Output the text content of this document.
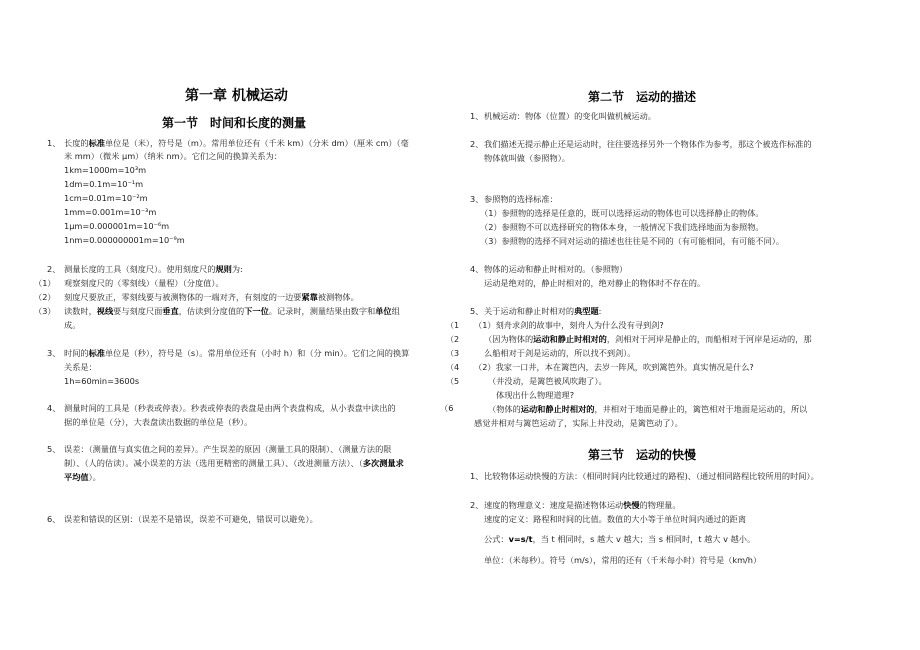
第一章 机械运动
第一节　时间和长度的测量
1、 长度的标准单位是（米），符号是（m）。常用单位还有（千米 km）（分米 dm）（厘米 cm）（毫
米 mm）（微米 μm）（纳米 nm）。它们之间的换算关系为：
1km=1000m=10³m
1dm=0.1m=10⁻¹m
1cm=0.01m=10⁻²m
1mm=0.001m=10⁻³m
1μm=0.000001m=10⁻⁶m
1nm=0.000000001m=10⁻⁹m
2、 测量长度的工具（刻度尺）。使用刻度尺的规则为:
（1） 观察刻度尺的（零刻线）（量程）（分度值）。
（2） 刻度尺要放正，零刻线要与被测物体的一端对齐，有刻度的一边要紧靠被测物体。
（3） 读数时，视线要与刻度尺面垂直，估读到分度值的下一位。记录时，测量结果由数字和单位组
成。	（1
（2
（3
（4
（5
3、 时间的标准单位是（秒），符号是（s）。常用单位还有（小时 h）和（分 min）。它们之间的换算
关系是：
1h=60min=3600s
4、 测量时间的工具是（秒表或停表）。秒表或停表的表盘是由两个表盘构成，从小表盘中读出的	（6
据的单位是（分），大表盘读出数据的单位是（秒）。
5、 误差：（测量值与真实值之间的差异）。产生误差的原因（测量工具的限制）、（测量方法的限
制）、（人的估读）。减小误差的方法（选用更精密的测量工具）、（改进测量方法）、（多次测量求
平均值）。
6、 误差和错误的区别：（误差不是错误，误差不可避免，错误可以避免）。
第二节　运动的描述
1、 机械运动：物体（位置）的变化叫做机械运动。
2、 我们描述无提示静止还是运动时，往往要选择另外一个物体作为参考，那这个被选作标准的
物体就叫做（参照物）。
3、 参照物的选择标准：
（1）参照物的选择是任意的，既可以选择运动的物体也可以选择静止的物体。
（2）参照物不可以选择研究的物体本身，一般情况下我们选择地面为参照物。
（3）参照物的选择不同对运动的描述也往往是不同的（有可能相同，有可能不同）。
4、 物体的运动和静止时相对的。（参照物）
运动是绝对的，静止时相对的，绝对静止的物体时不存在的。
5、 关于运动和静止时相对的典型题:
（1）刻舟求剑的故事中，刻舟人为什么没有寻到剑?
（因为物体的运动和静止时相对的，剑相对于河岸是静止的，而船相对于河岸是运动的，那
么船相对于剑是运动的，所以找不到剑）。
（2）我家一口井，本在篱笆内，去岁一阵风，吹到篱笆外。真实情况是什么?
（井没动，是篱笆被风吹跑了）。
体现出什么物理道理?
（物体的运动和静止时相对的，井相对于地面是静止的，篱笆相对于地面是运动的，所以
感觉井相对与篱笆运动了，实际上井没动，是篱笆动了）。
第三节　运动的快慢
1、 比较物体运动快慢的方法：（相同时间内比较通过的路程)、（通过相同路程比较所用的时间）。
2、 速度的物理意义：速度是描述物体运动快慢的物理量。
速度的定义：路程和时间的比值。数值的大小等于单位时间内通过的距离
公式：v=s/t，当 t 相同时，s 越大 v 越大；当 s 相同时，t 越大 v 越小。
单位：（米每秒）。符号（m/s），常用的还有（千米每小时）符号是（km/h）
